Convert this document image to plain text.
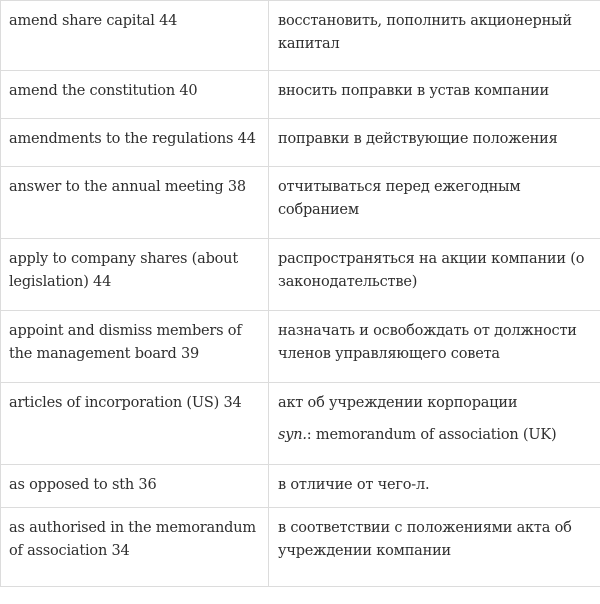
amend share capital 44	восстановить, пополнить акционерный капитал
amend the constitution 40	вносить поправки в устав компании
amendments to the regulations 44	поправки в действующие положения
answer to the annual meeting 38	отчитываться перед ежегодным собранием
apply to company shares (about legislation) 44	распространяться на акции компании (о законодательстве)
appoint and dismiss members of the management board 39	назначать и освобождать от должности членов управляющего совета
articles of incorporation (US) 34	акт об учреждении корпорации
syn.: memorandum of association (UK)

as opposed to sth 36	в отличие от чего-л.
as authorised in the memorandum of association 34	в соответствии с положениями акта об учреждении компании
